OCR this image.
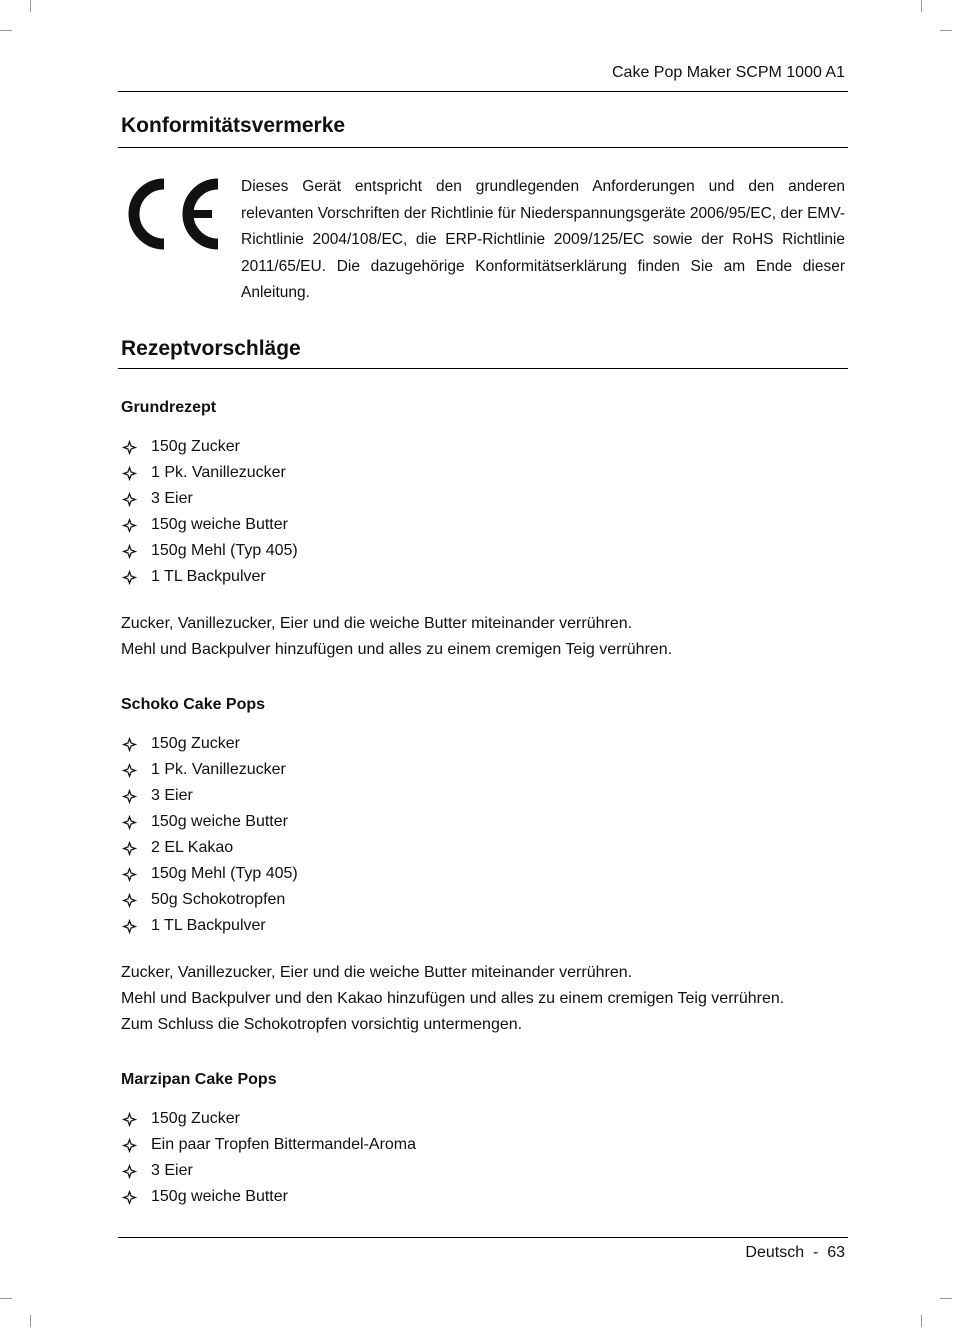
Cake Pop Maker SCPM 1000 A1
Konformitätsvermerke
Dieses Gerät entspricht den grundlegenden Anforderungen und den anderen relevanten Vorschriften der Richtlinie für Niederspannungsgeräte 2006/95/EC, der EMV-Richtlinie 2004/108/EC, die ERP-Richtlinie 2009/125/EC sowie der RoHS Richtlinie 2011/65/EU. Die dazugehörige Konformitätserklärung finden Sie am Ende dieser Anleitung.
Rezeptvorschläge
Grundrezept
150g Zucker
1 Pk. Vanillezucker
3 Eier
150g weiche Butter
150g Mehl (Typ 405)
1 TL Backpulver
Zucker, Vanillezucker, Eier und die weiche Butter miteinander verrühren.
Mehl und Backpulver hinzufügen und alles zu einem cremigen Teig verrühren.
Schoko Cake Pops
150g Zucker
1 Pk. Vanillezucker
3 Eier
150g weiche Butter
2 EL Kakao
150g Mehl (Typ 405)
50g Schokotropfen
1 TL Backpulver
Zucker, Vanillezucker, Eier und die weiche Butter miteinander verrühren.
Mehl und Backpulver und den Kakao hinzufügen und alles zu einem cremigen Teig verrühren.
Zum Schluss die Schokotropfen vorsichtig untermengen.
Marzipan Cake Pops
150g Zucker
Ein paar Tropfen Bittermandel-Aroma
3 Eier
150g weiche Butter
Deutsch - 63
